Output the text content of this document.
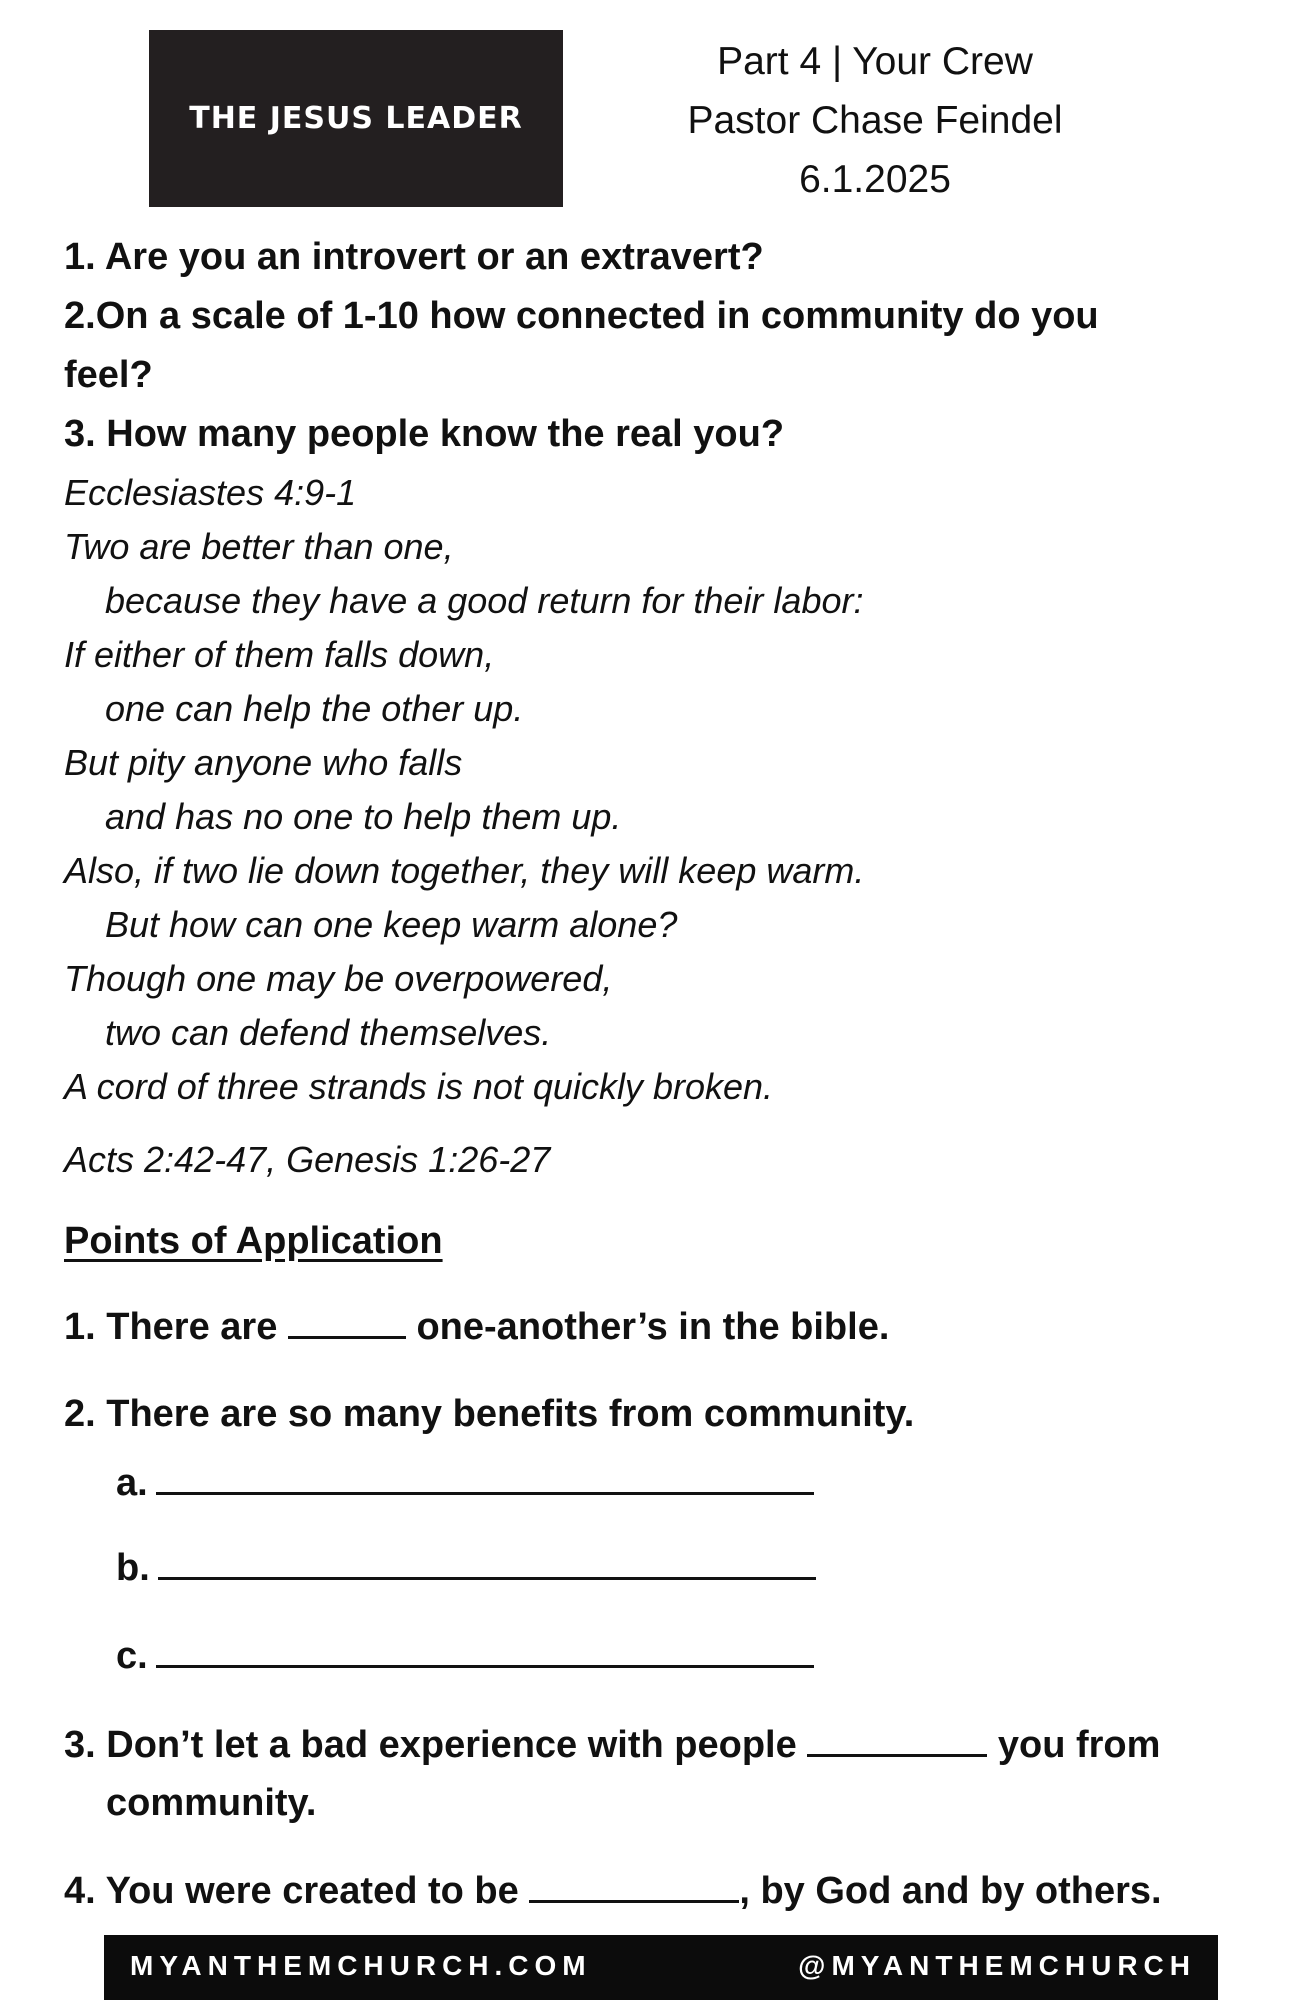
THE JESUS LEADER
Part 4 | Your Crew
Pastor Chase Feindel
6.1.2025
1. Are you an introvert or an extravert?
2.On a scale of 1-10 how connected in community do you
feel?
3. How many people know the real you?
Ecclesiastes 4:9-1
Two are better than one,
because they have a good return for their labor:
If either of them falls down,
one can help the other up.
But pity anyone who falls
and has no one to help them up.
Also, if two lie down together, they will keep warm.
But how can one keep warm alone?
Though one may be overpowered,
two can defend themselves.
A cord of three strands is not quickly broken.
Acts 2:42-47, Genesis 1:26-27
Points of Application
1. There are	one-another’s in the bible.
2. There are so many benefits from community.
a.
b.
c.
3. Don’t let a bad experience with people	you from
community.
4. You were created to be	, by God and by others.
MYANTHEMCHURCH.COM	@MYANTHEMCHURCH
